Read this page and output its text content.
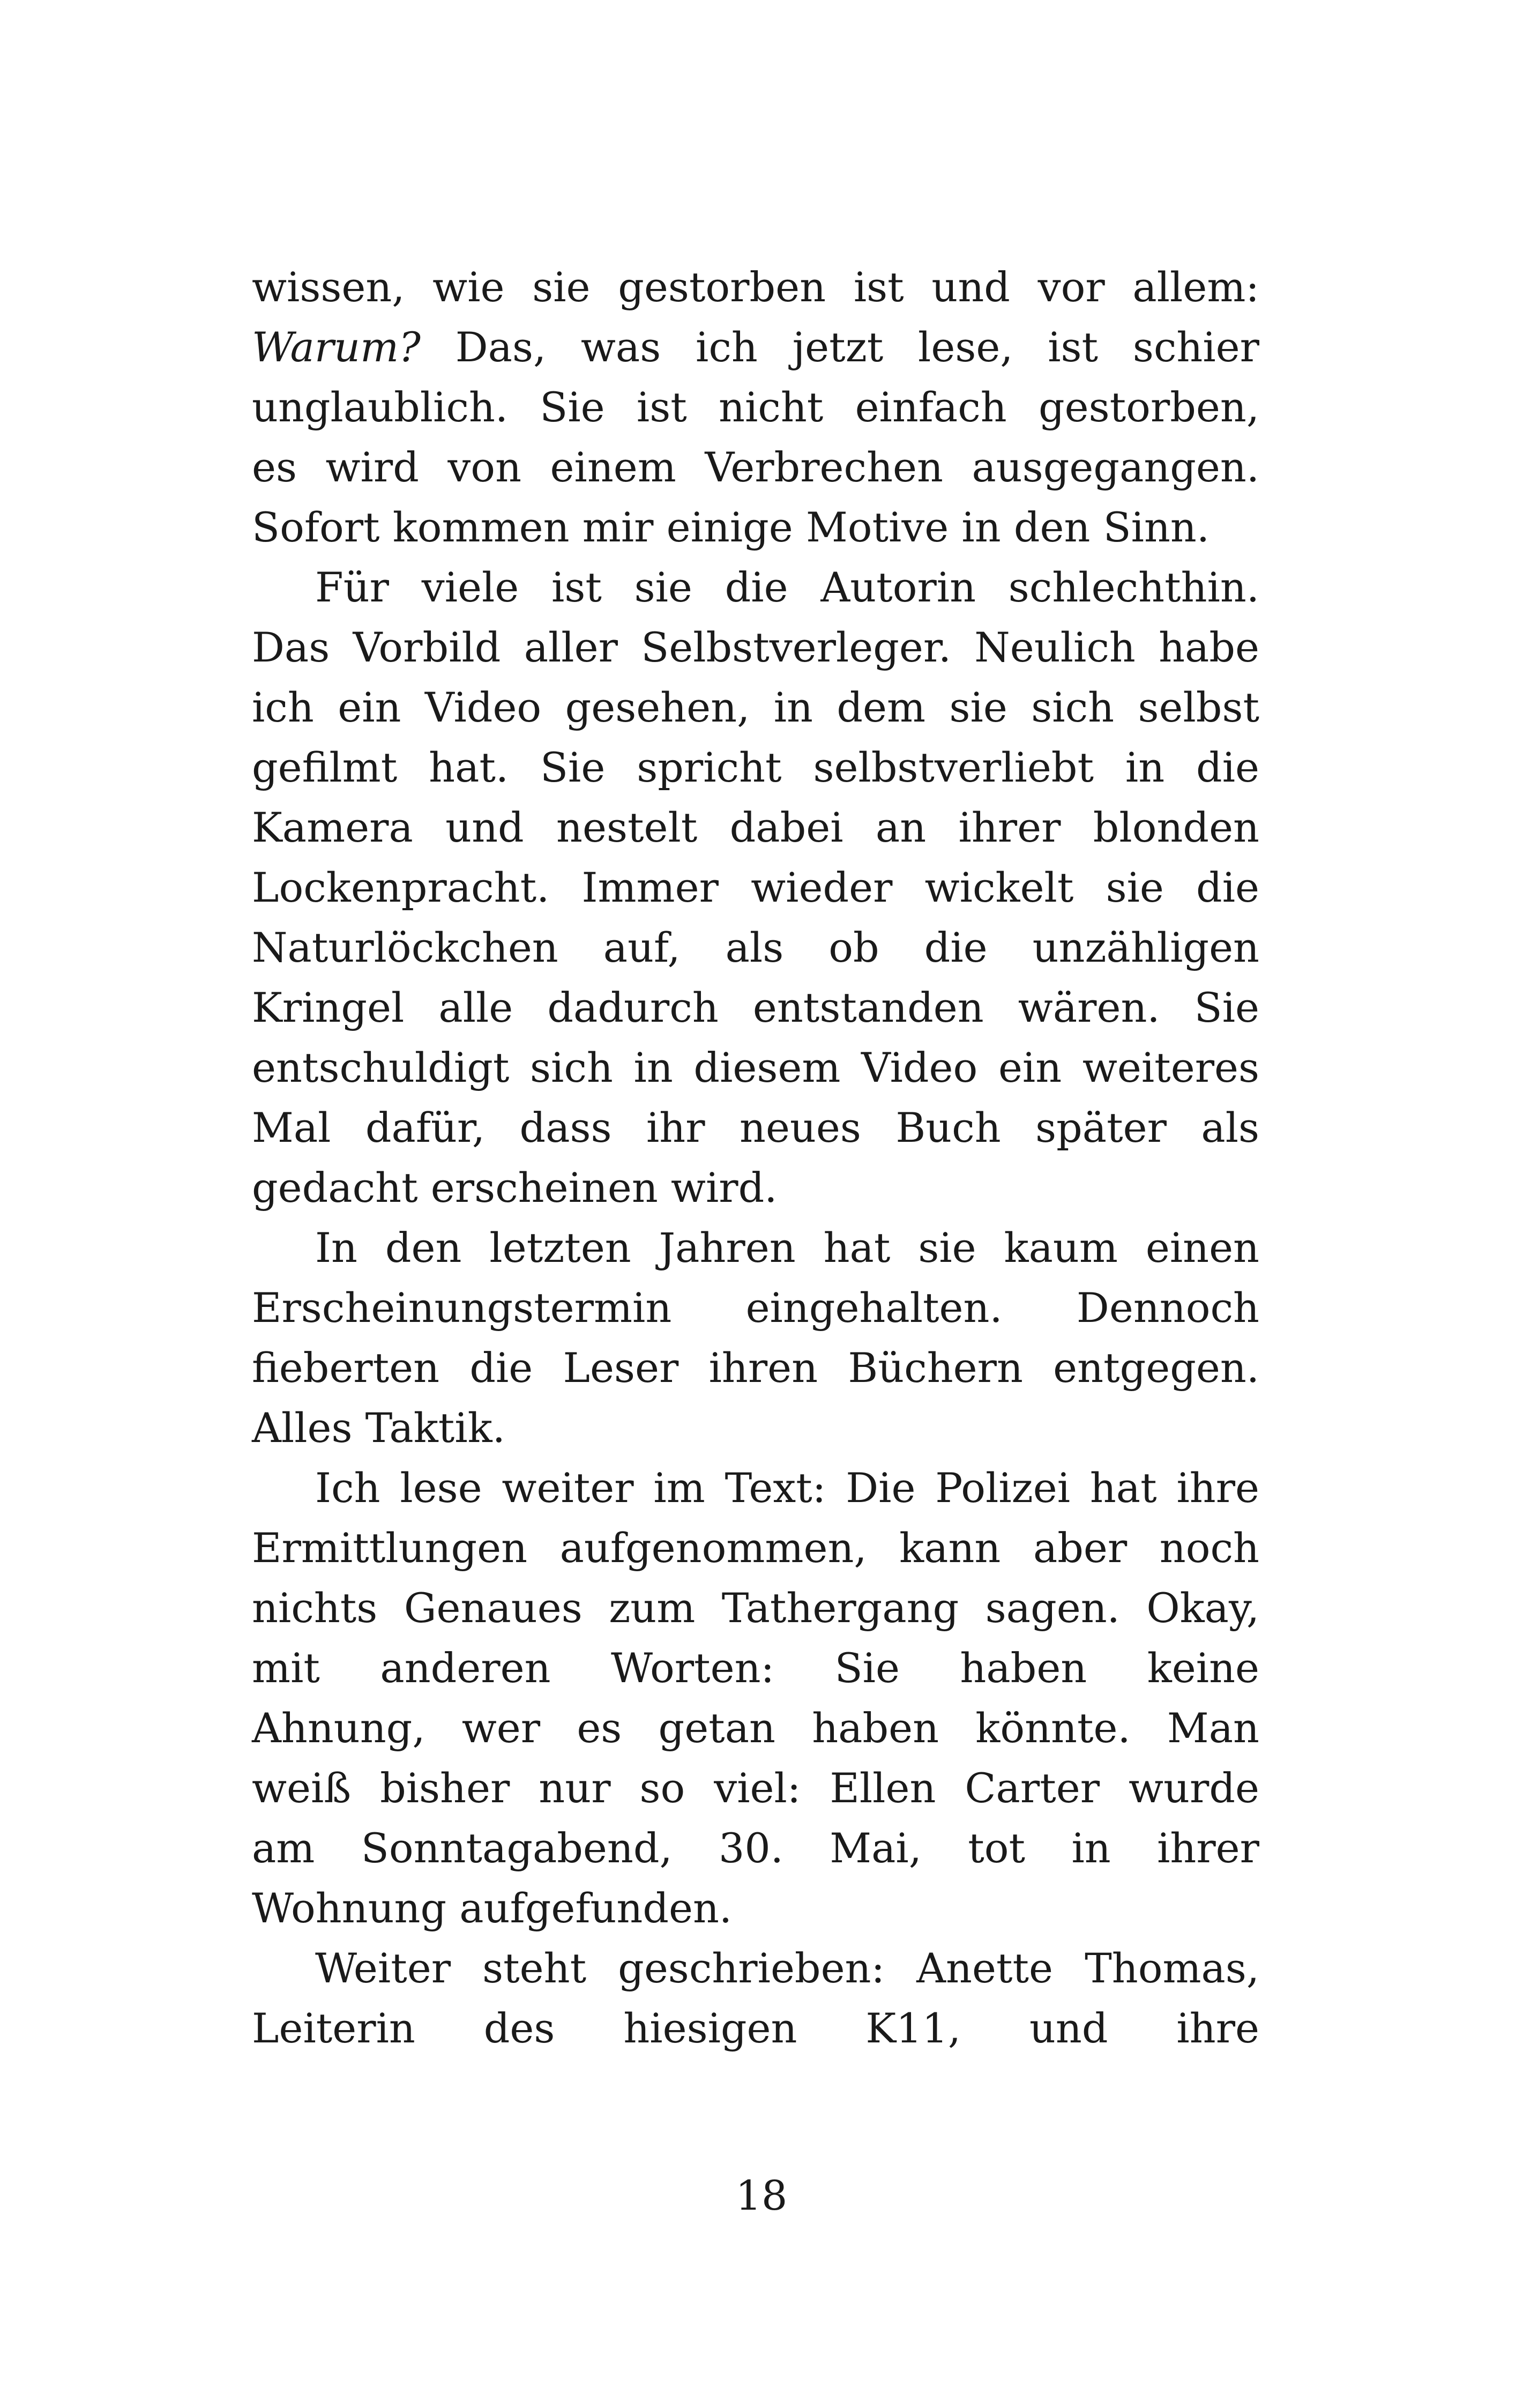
wissen, wie sie gestorben ist und vor allem:
Warum? Das, was ich jetzt lese, ist schier
unglaublich. Sie ist nicht einfach gestorben,
es wird von einem Verbrechen ausgegangen.
Sofort kommen mir einige Motive in den Sinn.
Für viele ist sie die Autorin schlechthin.
Das Vorbild aller Selbstverleger. Neulich habe
ich ein Video gesehen, in dem sie sich selbst
gefilmt hat. Sie spricht selbstverliebt in die
Kamera und nestelt dabei an ihrer blonden
Lockenpracht. Immer wieder wickelt sie die
Naturlöckchen auf, als ob die unzähligen
Kringel alle dadurch entstanden wären. Sie
entschuldigt sich in diesem Video ein weiteres
Mal dafür, dass ihr neues Buch später als
gedacht erscheinen wird.
In den letzten Jahren hat sie kaum einen
Erscheinungstermin eingehalten. Dennoch
fieberten die Leser ihren Büchern entgegen.
Alles Taktik.
Ich lese weiter im Text: Die Polizei hat ihre
Ermittlungen aufgenommen, kann aber noch
nichts Genaues zum Tathergang sagen. Okay,
mit anderen Worten: Sie haben keine
Ahnung, wer es getan haben könnte. Man
weiß bisher nur so viel: Ellen Carter wurde
am Sonntagabend, 30. Mai, tot in ihrer
Wohnung aufgefunden.
Weiter steht geschrieben: Anette Thomas,
Leiterin des hiesigen K11, und ihre
18
